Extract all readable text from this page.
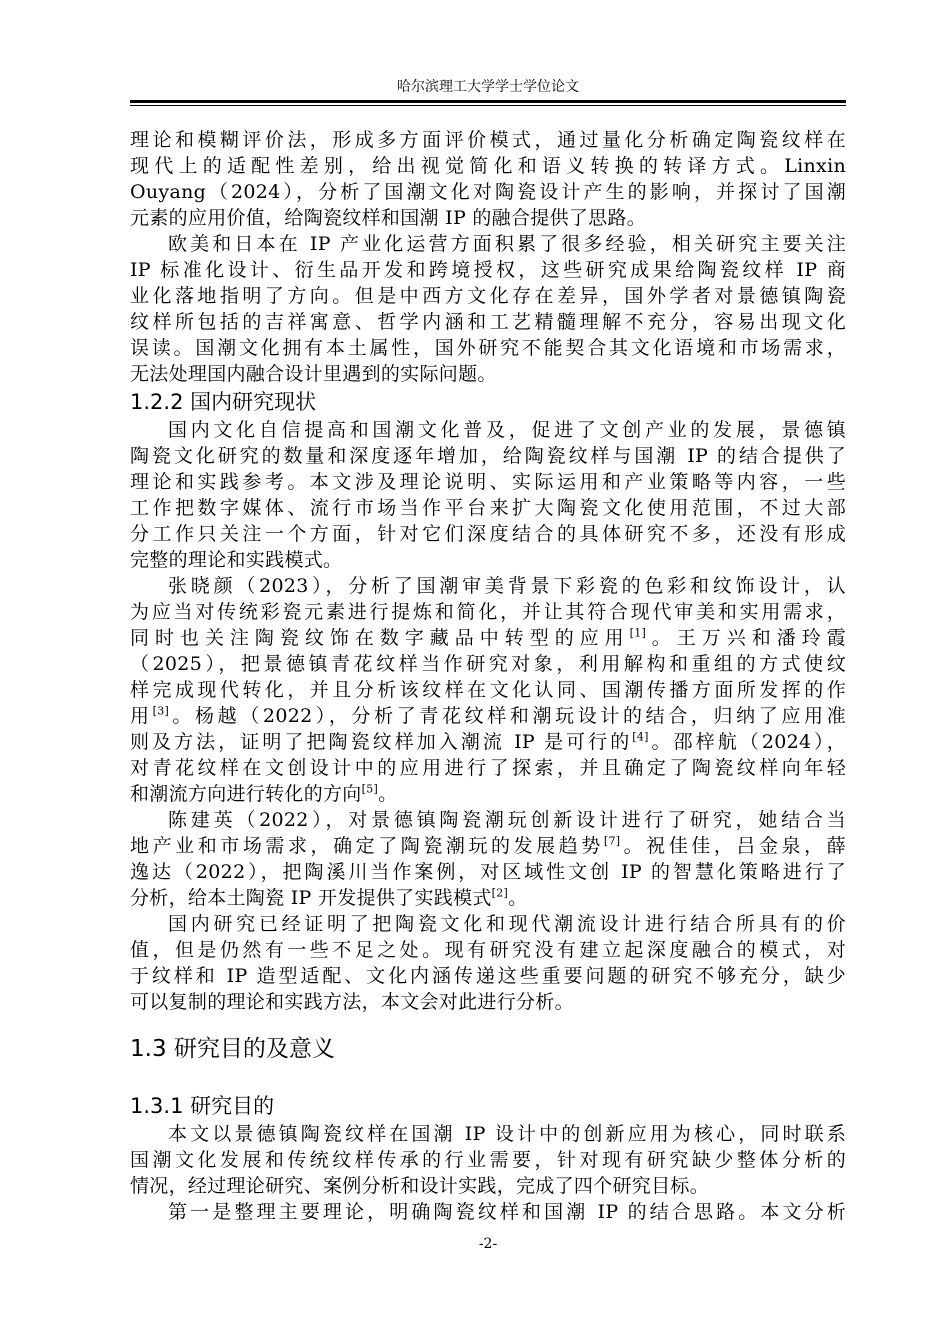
哈尔滨理工大学学士学位论文

理论和模糊评价法，形成多方面评价模式，通过量化分析确定陶瓷纹样在
现代上的适配性差别，给出视觉简化和语义转换的转译方式。Linxin
Ouyang（2024），分析了国潮文化对陶瓷设计产生的影响，并探讨了国潮
元素的应用价值，给陶瓷纹样和国潮 IP 的融合提供了思路。

欧美和日本在 IP 产业化运营方面积累了很多经验，相关研究主要关注
IP 标准化设计、衍生品开发和跨境授权，这些研究成果给陶瓷纹样 IP 商
业化落地指明了方向。但是中西方文化存在差异，国外学者对景德镇陶瓷
纹样所包括的吉祥寓意、哲学内涵和工艺精髓理解不充分，容易出现文化
误读。国潮文化拥有本土属性，国外研究不能契合其文化语境和市场需求，
无法处理国内融合设计里遇到的实际问题。

1.2.2 国内研究现状

国内文化自信提高和国潮文化普及，促进了文创产业的发展，景德镇
陶瓷文化研究的数量和深度逐年增加，给陶瓷纹样与国潮 IP 的结合提供了
理论和实践参考。本文涉及理论说明、实际运用和产业策略等内容，一些
工作把数字媒体、流行市场当作平台来扩大陶瓷文化使用范围，不过大部
分工作只关注一个方面，针对它们深度结合的具体研究不多，还没有形成
完整的理论和实践模式。

张晓颜（2023），分析了国潮审美背景下彩瓷的色彩和纹饰设计，认
为应当对传统彩瓷元素进行提炼和简化，并让其符合现代审美和实用需求，
同时也关注陶瓷纹饰在数字藏品中转型的应用[1]。王万兴和潘玲霞
（2025），把景德镇青花纹样当作研究对象，利用解构和重组的方式使纹
样完成现代转化，并且分析该纹样在文化认同、国潮传播方面所发挥的作
用[3]。杨越（2022），分析了青花纹样和潮玩设计的结合，归纳了应用准
则及方法，证明了把陶瓷纹样加入潮流 IP 是可行的[4]。邵梓航（2024），
对青花纹样在文创设计中的应用进行了探索，并且确定了陶瓷纹样向年轻
和潮流方向进行转化的方向[5]。

陈建英（2022），对景德镇陶瓷潮玩创新设计进行了研究，她结合当
地产业和市场需求，确定了陶瓷潮玩的发展趋势[7]。祝佳佳，吕金泉，薛
逸达（2022），把陶溪川当作案例，对区域性文创 IP 的智慧化策略进行了
分析，给本土陶瓷 IP 开发提供了实践模式[2]。

国内研究已经证明了把陶瓷文化和现代潮流设计进行结合所具有的价
值，但是仍然有一些不足之处。现有研究没有建立起深度融合的模式，对
于纹样和 IP 造型适配、文化内涵传递这些重要问题的研究不够充分，缺少
可以复制的理论和实践方法，本文会对此进行分析。

1.3 研究目的及意义
1.3.1 研究目的

本文以景德镇陶瓷纹样在国潮 IP 设计中的创新应用为核心，同时联系
国潮文化发展和传统纹样传承的行业需要，针对现有研究缺少整体分析的
情况，经过理论研究、案例分析和设计实践，完成了四个研究目标。

第一是整理主要理论，明确陶瓷纹样和国潮 IP 的结合思路。本文分析

-2-
